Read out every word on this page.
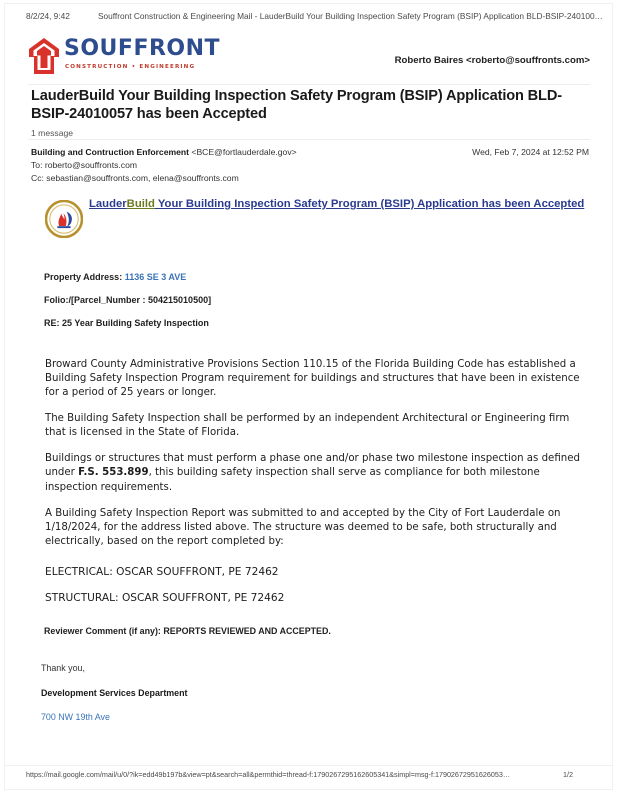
8/2/24, 9:42	Souffront Construction & Engineering Mail - LauderBuild Your Building Inspection Safety Program (BSIP) Application BLD-BSIP-240100…
SOUFFRONT
CONSTRUCTION • ENGINEERING
Roberto Baires <roberto@souffronts.com>
LauderBuild Your Building Inspection Safety Program (BSIP) Application BLD-BSIP-24010057 has been Accepted
1 message
Building and Contruction Enforcement <BCE@fortlauderdale.gov>
To: roberto@souffronts.com
Cc: sebastian@souffronts.com, elena@souffronts.com
Wed, Feb 7, 2024 at 12:52 PM
LauderBuild Your Building Inspection Safety Program (BSIP) Application has been Accepted
Property Address: 1136 SE 3 AVE
Folio:/[Parcel_Number : 504215010500]
RE: 25 Year Building Safety Inspection

Broward County Administrative Provisions Section 110.15 of the Florida Building Code has established a Building Safety Inspection Program requirement for buildings and structures that have been in existence for a period of 25 years or longer.

The Building Safety Inspection shall be performed by an independent Architectural or Engineering firm that is licensed in the State of Florida.

Buildings or structures that must perform a phase one and/or phase two milestone inspection as defined under F.S. 553.899, this building safety inspection shall serve as compliance for both milestone inspection requirements.

A Building Safety Inspection Report was submitted to and accepted by the City of Fort Lauderdale on 1/18/2024, for the address listed above. The structure was deemed to be safe, both structurally and electrically, based on the report completed by:

ELECTRICAL: OSCAR SOUFFRONT, PE 72462
STRUCTURAL: OSCAR SOUFFRONT, PE 72462
Reviewer Comment (if any): REPORTS REVIEWED AND ACCEPTED.
Thank you,
Development Services Department
700 NW 19th Ave
https://mail.google.com/mail/u/0/?ik=edd49b197b&view=pt&search=all&permthid=thread-f:1790267295162605341&simpl=msg-f:17902672951626053…	1/2
